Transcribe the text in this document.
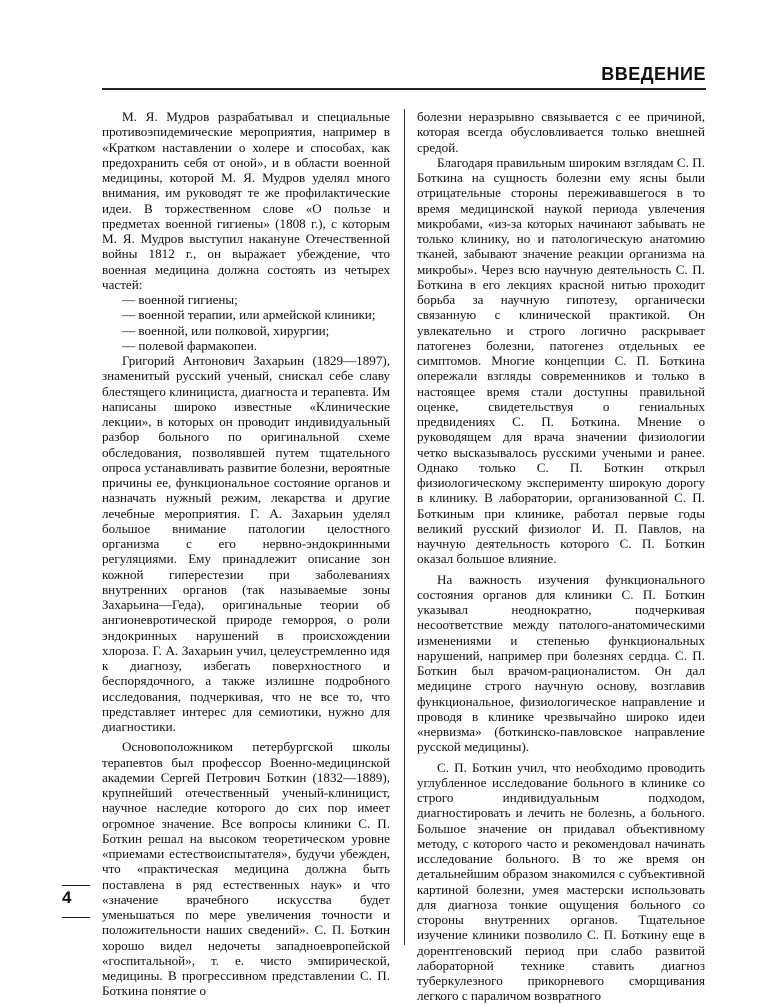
ВВЕДЕНИЕ

М. Я. Мудров разрабатывал и специальные противоэпидемические мероприятия, например в «Кратком наставлении о холере и способах, как предохранить себя от оной», и в области военной медицины, которой М. Я. Мудров уделял много внимания, им руководят те же профилактические идеи. В торжественном слове «О пользе и предметах военной гигиены» (1808 г.), с которым М. Я. Мудров выступил накануне Отечественной войны 1812 г., он выражает убеждение, что военная медицина должна состоять из четырех частей:

— военной гигиены;
— военной терапии, или армейской клиники;
— военной, или полковой, хирургии;
— полевой фармакопеи.

Григорий Антонович Захарьин (1829—1897), знаменитый русский ученый, снискал себе славу блестящего клинициста, диагноста и терапевта. Им написаны широко известные «Клинические лекции», в которых он проводит индивидуальный разбор больного по оригинальной схеме обследования, позволявшей путем тщательного опроса устанавливать развитие болезни, вероятные причины ее, функциональное состояние органов и назначать нужный режим, лекарства и другие лечебные мероприятия. Г. А. Захарьин уделял большое внимание патологии целостного организма с его нервно-эндокринными регуляциями. Ему принадлежит описание зон кожной гиперестезии при заболеваниях внутренних органов (так называемые зоны Захарьина—Геда), оригинальные теории об ангионевротической природе геморроя, о роли эндокринных нарушений в происхождении хлороза. Г. А. Захарьин учил, целеустремленно идя к диагнозу, избегать поверхностного и беспорядочного, а также излишне подробного исследования, подчеркивая, что не все то, что представляет интерес для семиотики, нужно для диагностики.

Основоположником петербургской школы терапевтов был профессор Военно-медицинской академии Сергей Петрович Боткин (1832—1889), крупнейший отечественный ученый-клиницист, научное наследие которого до сих пор имеет огромное значение. Все вопросы клиники С. П. Боткин решал на высоком теоретическом уровне «приемами естествоиспытателя», будучи убежден, что «практическая медицина должна быть поставлена в ряд естественных наук» и что «значение врачебного искусства будет уменьшаться по мере увеличения точности и положительности наших сведений». С. П. Боткин хорошо видел недочеты западноевропейской «госпитальной», т. е. чисто эмпирической, медицины. В прогрессивном представлении С. П. Боткина понятие о

болезни неразрывно связывается с ее причиной, которая всегда обусловливается только внешней средой.

Благодаря правильным широким взглядам С. П. Боткина на сущность болезни ему ясны были отрицательные стороны переживавшегося в то время медицинской наукой периода увлечения микробами, «из-за которых начинают забывать не только клинику, но и патологическую анатомию тканей, забывают значение реакции организма на микробы». Через всю научную деятельность С. П. Боткина в его лекциях красной нитью проходит борьба за научную гипотезу, органически связанную с клинической практикой. Он увлекательно и строго логично раскрывает патогенез болезни, патогенез отдельных ее симптомов. Многие концепции С. П. Боткина опережали взгляды современников и только в настоящее время стали доступны правильной оценке, свидетельствуя о гениальных предвидениях С. П. Боткина. Мнение о руководящем для врача значении физиологии четко высказывалось русскими учеными и ранее. Однако только С. П. Боткин открыл физиологическому эксперименту широкую дорогу в клинику. В лаборатории, организованной С. П. Боткиным при клинике, работал первые годы великий русский физиолог И. П. Павлов, на научную деятельность которого С. П. Боткин оказал большое влияние.

На важность изучения функционального состояния органов для клиники С. П. Боткин указывал неоднократно, подчеркивая несоответствие между патолого-анатомическими изменениями и степенью функциональных нарушений, например при болезнях сердца. С. П. Боткин был врачом-рационалистом. Он дал медицине строго научную основу, возглавив функциональное, физиологическое направление и проводя в клинике чрезвычайно широко идеи «нервизма» (боткинско-павловское направление русской медицины).

С. П. Боткин учил, что необходимо проводить углубленное исследование больного в клинике со строго индивидуальным подходом, диагностировать и лечить не болезнь, а больного. Большое значение он придавал объективному методу, с которого часто и рекомендовал начинать исследование больного. В то же время он детальнейшим образом знакомился с субъективной картиной болезни, умея мастерски использовать для диагноза тонкие ощущения больного со стороны внутренних органов. Тщательное изучение клиники позволило С. П. Боткину еще в дорентгеновский период при слабо развитой лабораторной технике ставить диагноз туберкулезного прикорневого сморщивания легкого с параличом возвратного

4
